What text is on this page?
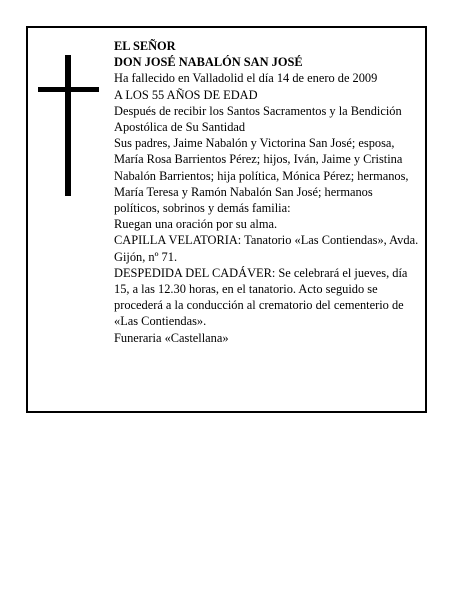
EL SEÑOR

DON JOSÉ NABALÓN SAN JOSÉ

Ha fallecido en Valladolid el día 14 de enero de 2009

A LOS 55 AÑOS DE EDAD

Después de recibir los Santos Sacramentos y la Bendición Apostólica de Su Santidad

Sus padres, Jaime Nabalón y Victorina San José; esposa, María Rosa Barrientos Pérez; hijos, Iván, Jaime y Cristina Nabalón Barrientos; hija política, Mónica Pérez; hermanos, María Teresa y Ramón Nabalón San José; hermanos políticos, sobrinos y demás familia:

Ruegan una oración por su alma.

CAPILLA VELATORIA: Tanatorio «Las Contiendas», Avda. Gijón, nº 71.

DESPEDIDA DEL CADÁVER: Se celebrará el jueves, día 15, a las 12.30 horas, en el tanatorio. Acto seguido se procederá a la conducción al crematorio del cementerio de «Las Contiendas».

Funeraria «Castellana»
